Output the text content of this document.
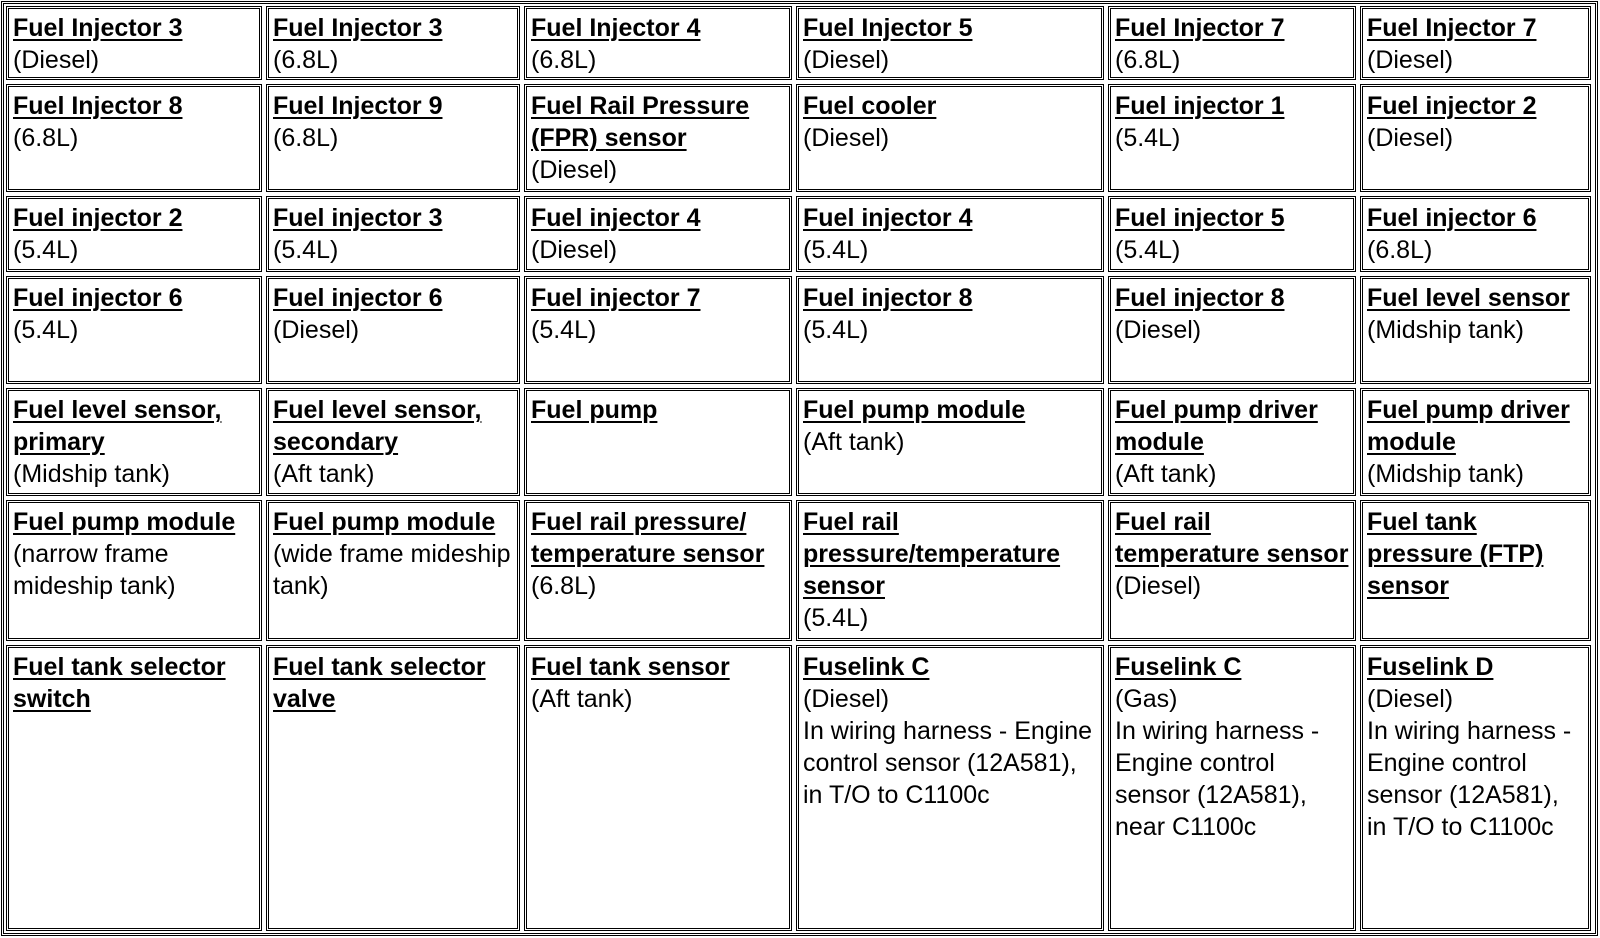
Fuel Injector 3
(Diesel)
Fuel Injector 3
(6.8L)
Fuel Injector 4
(6.8L)
Fuel Injector 5
(Diesel)
Fuel Injector 7
(6.8L)
Fuel Injector 7
(Diesel)
Fuel Injector 8
(6.8L)
Fuel Injector 9
(6.8L)
Fuel Rail Pressure (FPR) sensor
(Diesel)
Fuel cooler
(Diesel)
Fuel injector 1
(5.4L)
Fuel injector 2
(Diesel)
Fuel injector 2
(5.4L)
Fuel injector 3
(5.4L)
Fuel injector 4
(Diesel)
Fuel injector 4
(5.4L)
Fuel injector 5
(5.4L)
Fuel injector 6
(6.8L)
Fuel injector 6
(5.4L)
Fuel injector 6
(Diesel)
Fuel injector 7
(5.4L)
Fuel injector 8
(5.4L)
Fuel injector 8
(Diesel)
Fuel level sensor
(Midship tank)
Fuel level sensor, primary
(Midship tank)
Fuel level sensor, secondary
(Aft tank)
Fuel pump	Fuel pump module
(Aft tank)
Fuel pump driver module
(Aft tank)
Fuel pump driver module
(Midship tank)
Fuel pump module
(narrow frame mideship tank)
Fuel pump module
(wide frame mideship tank)
Fuel rail pressure/ temperature sensor
(6.8L)
Fuel rail pressure/temperature sensor
(5.4L)
Fuel rail temperature sensor
(Diesel)
Fuel tank pressure (FTP) sensor
Fuel tank selector switch
Fuel tank selector valve
Fuel tank sensor
(Aft tank)
Fuselink C
(Diesel)
In wiring harness - Engine control sensor (12A581), in T/O to C1100c
Fuselink C
(Gas)
In wiring harness - Engine control sensor (12A581), near C1100c
Fuselink D
(Diesel)
In wiring harness - Engine control sensor (12A581), in T/O to C1100c
